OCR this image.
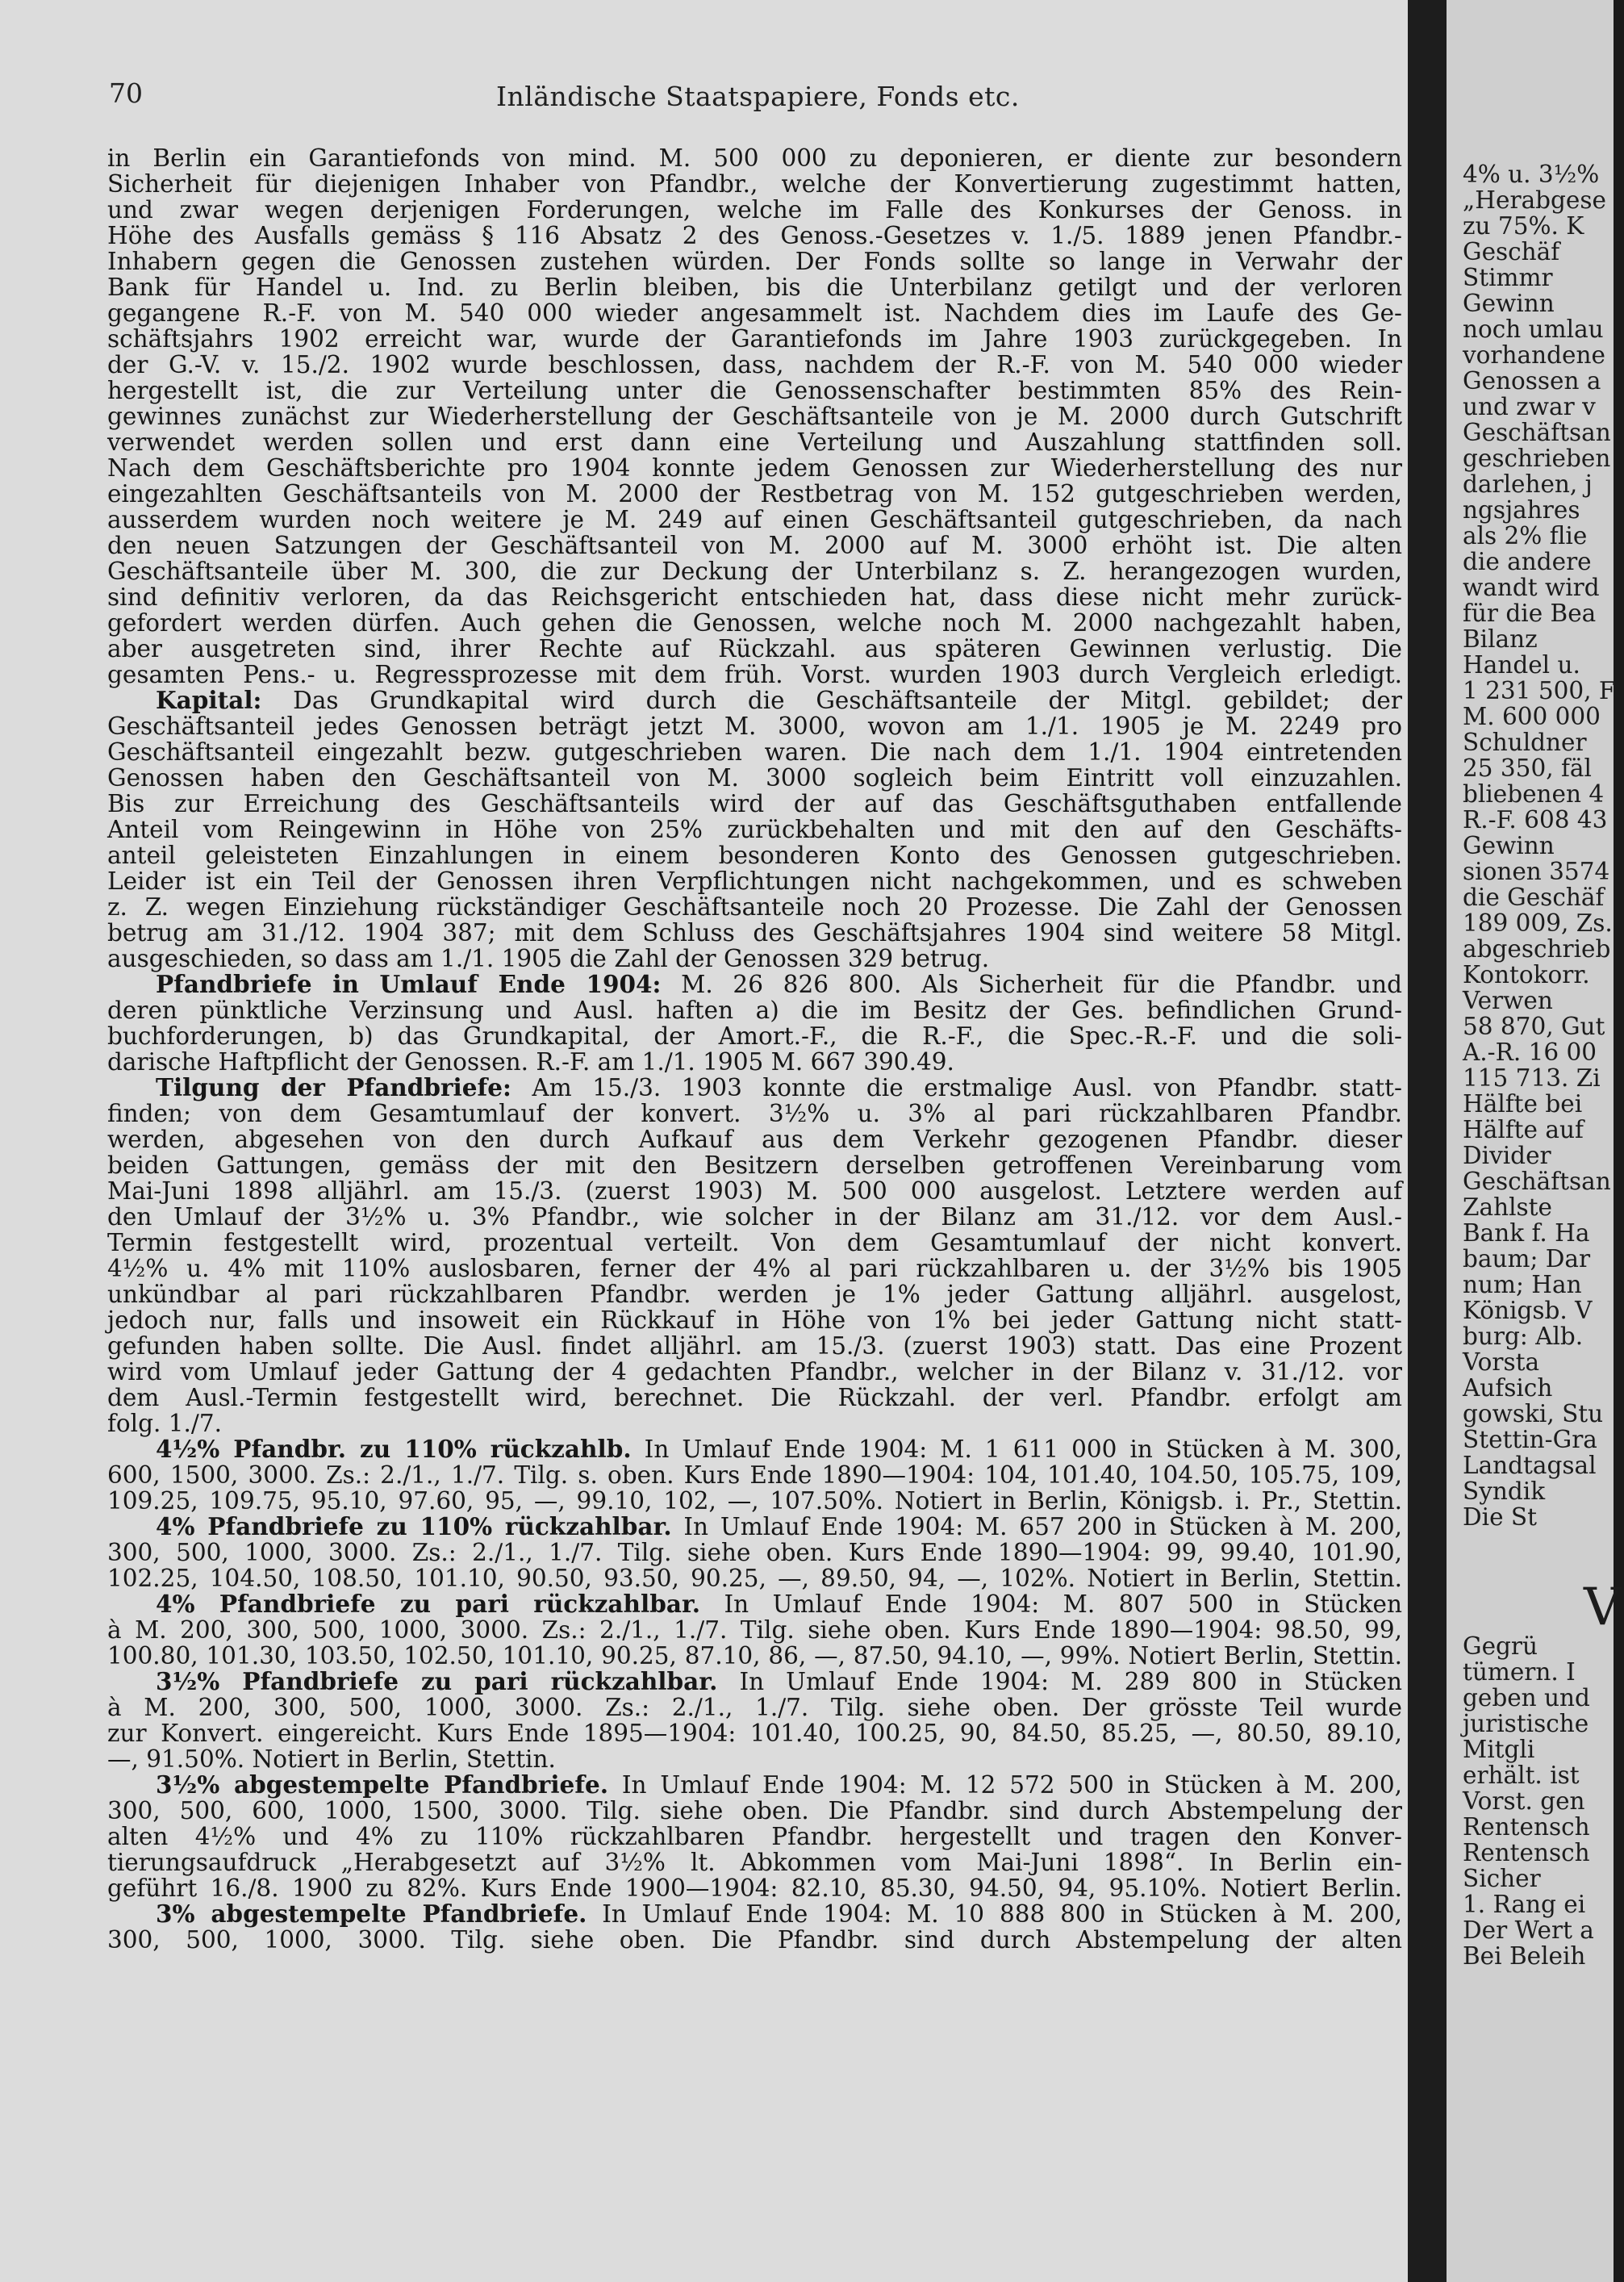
70	Inländische Staatspapiere, Fonds etc.
in Berlin ein Garantiefonds von mind. M. 500 000 zu deponieren, er diente zur besondern
Sicherheit für diejenigen Inhaber von Pfandbr., welche der Konvertierung zugestimmt hatten,
und zwar wegen derjenigen Forderungen, welche im Falle des Konkurses der Genoss. in
Höhe des Ausfalls gemäss § 116 Absatz 2 des Genoss.-Gesetzes v. 1./5. 1889 jenen Pfandbr.-
Inhabern gegen die Genossen zustehen würden. Der Fonds sollte so lange in Verwahr der
Bank für Handel u. Ind. zu Berlin bleiben, bis die Unterbilanz getilgt und der verloren
gegangene R.-F. von M. 540 000 wieder angesammelt ist. Nachdem dies im Laufe des Ge-
schäftsjahrs 1902 erreicht war, wurde der Garantiefonds im Jahre 1903 zurückgegeben. In
der G.-V. v. 15./2. 1902 wurde beschlossen, dass, nachdem der R.-F. von M. 540 000 wieder
hergestellt ist, die zur Verteilung unter die Genossenschafter bestimmten 85% des Rein-
gewinnes zunächst zur Wiederherstellung der Geschäftsanteile von je M. 2000 durch Gutschrift
verwendet werden sollen und erst dann eine Verteilung und Auszahlung stattfinden soll.
Nach dem Geschäftsberichte pro 1904 konnte jedem Genossen zur Wiederherstellung des nur
eingezahlten Geschäftsanteils von M. 2000 der Restbetrag von M. 152 gutgeschrieben werden,
ausserdem wurden noch weitere je M. 249 auf einen Geschäftsanteil gutgeschrieben, da nach
den neuen Satzungen der Geschäftsanteil von M. 2000 auf M. 3000 erhöht ist. Die alten
Geschäftsanteile über M. 300, die zur Deckung der Unterbilanz s. Z. herangezogen wurden,
sind definitiv verloren, da das Reichsgericht entschieden hat, dass diese nicht mehr zurück-
gefordert werden dürfen. Auch gehen die Genossen, welche noch M. 2000 nachgezahlt haben,
aber ausgetreten sind, ihrer Rechte auf Rückzahl. aus späteren Gewinnen verlustig. Die
gesamten Pens.- u. Regressprozesse mit dem früh. Vorst. wurden 1903 durch Vergleich erledigt.
Kapital: Das Grundkapital wird durch die Geschäftsanteile der Mitgl. gebildet; der
Geschäftsanteil jedes Genossen beträgt jetzt M. 3000, wovon am 1./1. 1905 je M. 2249 pro
Geschäftsanteil eingezahlt bezw. gutgeschrieben waren. Die nach dem 1./1. 1904 eintretenden
Genossen haben den Geschäftsanteil von M. 3000 sogleich beim Eintritt voll einzuzahlen.
Bis zur Erreichung des Geschäftsanteils wird der auf das Geschäftsguthaben entfallende
Anteil vom Reingewinn in Höhe von 25% zurückbehalten und mit den auf den Geschäfts-
anteil geleisteten Einzahlungen in einem besonderen Konto des Genossen gutgeschrieben.
Leider ist ein Teil der Genossen ihren Verpflichtungen nicht nachgekommen, und es schweben
z. Z. wegen Einziehung rückständiger Geschäftsanteile noch 20 Prozesse. Die Zahl der Genossen
betrug am 31./12. 1904 387; mit dem Schluss des Geschäftsjahres 1904 sind weitere 58 Mitgl.
ausgeschieden, so dass am 1./1. 1905 die Zahl der Genossen 329 betrug.
Pfandbriefe in Umlauf Ende 1904: M. 26 826 800. Als Sicherheit für die Pfandbr. und
deren pünktliche Verzinsung und Ausl. haften a) die im Besitz der Ges. befindlichen Grund-
buchforderungen, b) das Grundkapital, der Amort.-F., die R.-F., die Spec.-R.-F. und die soli-
darische Haftpflicht der Genossen. R.-F. am 1./1. 1905 M. 667 390.49.
Tilgung der Pfandbriefe: Am 15./3. 1903 konnte die erstmalige Ausl. von Pfandbr. statt-
finden; von dem Gesamtumlauf der konvert. 3½% u. 3% al pari rückzahlbaren Pfandbr.
werden, abgesehen von den durch Aufkauf aus dem Verkehr gezogenen Pfandbr. dieser
beiden Gattungen, gemäss der mit den Besitzern derselben getroffenen Vereinbarung vom
Mai-Juni 1898 alljährl. am 15./3. (zuerst 1903) M. 500 000 ausgelost. Letztere werden auf
den Umlauf der 3½% u. 3% Pfandbr., wie solcher in der Bilanz am 31./12. vor dem Ausl.-
Termin festgestellt wird, prozentual verteilt. Von dem Gesamtumlauf der nicht konvert.
4½% u. 4% mit 110% auslosbaren, ferner der 4% al pari rückzahlbaren u. der 3½% bis 1905
unkündbar al pari rückzahlbaren Pfandbr. werden je 1% jeder Gattung alljährl. ausgelost,
jedoch nur, falls und insoweit ein Rückkauf in Höhe von 1% bei jeder Gattung nicht statt-
gefunden haben sollte. Die Ausl. findet alljährl. am 15./3. (zuerst 1903) statt. Das eine Prozent
wird vom Umlauf jeder Gattung der 4 gedachten Pfandbr., welcher in der Bilanz v. 31./12. vor
dem Ausl.-Termin festgestellt wird, berechnet. Die Rückzahl. der verl. Pfandbr. erfolgt am
folg. 1./7.
4½% Pfandbr. zu 110% rückzahlb. In Umlauf Ende 1904: M. 1 611 000 in Stücken à M. 300,
600, 1500, 3000. Zs.: 2./1., 1./7. Tilg. s. oben. Kurs Ende 1890—1904: 104, 101.40, 104.50, 105.75, 109,
109.25, 109.75, 95.10, 97.60, 95, —, 99.10, 102, —, 107.50%. Notiert in Berlin, Königsb. i. Pr., Stettin.
4% Pfandbriefe zu 110% rückzahlbar. In Umlauf Ende 1904: M. 657 200 in Stücken à M. 200,
300, 500, 1000, 3000. Zs.: 2./1., 1./7. Tilg. siehe oben. Kurs Ende 1890—1904: 99, 99.40, 101.90,
102.25, 104.50, 108.50, 101.10, 90.50, 93.50, 90.25, —, 89.50, 94, —, 102%. Notiert in Berlin, Stettin.
4% Pfandbriefe zu pari rückzahlbar. In Umlauf Ende 1904: M. 807 500 in Stücken
à M. 200, 300, 500, 1000, 3000. Zs.: 2./1., 1./7. Tilg. siehe oben. Kurs Ende 1890—1904: 98.50, 99,
100.80, 101.30, 103.50, 102.50, 101.10, 90.25, 87.10, 86, —, 87.50, 94.10, —, 99%. Notiert Berlin, Stettin.
3½% Pfandbriefe zu pari rückzahlbar. In Umlauf Ende 1904: M. 289 800 in Stücken
à M. 200, 300, 500, 1000, 3000. Zs.: 2./1., 1./7. Tilg. siehe oben. Der grösste Teil wurde
zur Konvert. eingereicht. Kurs Ende 1895—1904: 101.40, 100.25, 90, 84.50, 85.25, —, 80.50, 89.10,
—, 91.50%. Notiert in Berlin, Stettin.
3½% abgestempelte Pfandbriefe. In Umlauf Ende 1904: M. 12 572 500 in Stücken à M. 200,
300, 500, 600, 1000, 1500, 3000. Tilg. siehe oben. Die Pfandbr. sind durch Abstempelung der
alten 4½% und 4% zu 110% rückzahlbaren Pfandbr. hergestellt und tragen den Konver-
tierungsaufdruck „Herabgesetzt auf 3½% lt. Abkommen vom Mai-Juni 1898“. In Berlin ein-
geführt 16./8. 1900 zu 82%. Kurs Ende 1900—1904: 82.10, 85.30, 94.50, 94, 95.10%. Notiert Berlin.
3% abgestempelte Pfandbriefe. In Umlauf Ende 1904: M. 10 888 800 in Stücken à M. 200,
300, 500, 1000, 3000. Tilg. siehe oben. Die Pfandbr. sind durch Abstempelung der alten
4% u. 3½%
„Herabgese
zu 75%. K
Geschäf
Stimmr
Gewinn
noch umlau
vorhandene
Genossen a
und zwar v
Geschäftsan
geschrieben
darlehen, j
ngsjahres
als 2% flie
die andere
wandt wird
für die Bea
Bilanz
Handel u.
1 231 500, F
M. 600 000
Schuldner
25 350, fäl
bliebenen 4
R.-F. 608 43
Gewinn
sionen 3574
die Geschäf
189 009, Zs.
abgeschrieb
Kontokorr.
Verwen
58 870, Gut
A.-R. 16 00
115 713. Zi
Hälfte bei
Hälfte auf
Divider
Geschäftsan
Zahlste
Bank f. Ha
baum; Dar
num; Han
Königsb. V
burg: Alb.
Vorsta
Aufsich
gowski, Stu
Stettin-Gra
Landtagsal
Syndik
Die St
V
Gegrü
tümern. I
geben und
juristische
Mitgli
erhält. ist
Vorst. gen
Rentensch
Rentensch
Sicher
1. Rang ei
Der Wert a
Bei Beleih
